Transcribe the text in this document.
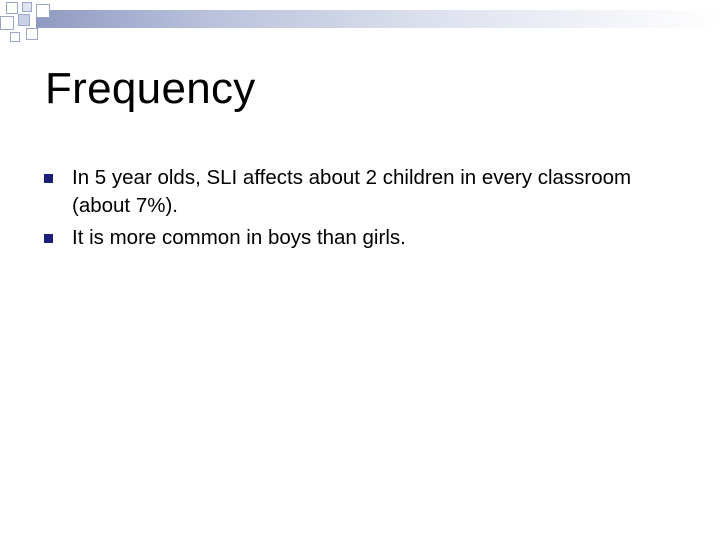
Frequency
In 5 year olds, SLI affects about 2 children in every classroom (about 7%).
It is more common in boys than girls.
